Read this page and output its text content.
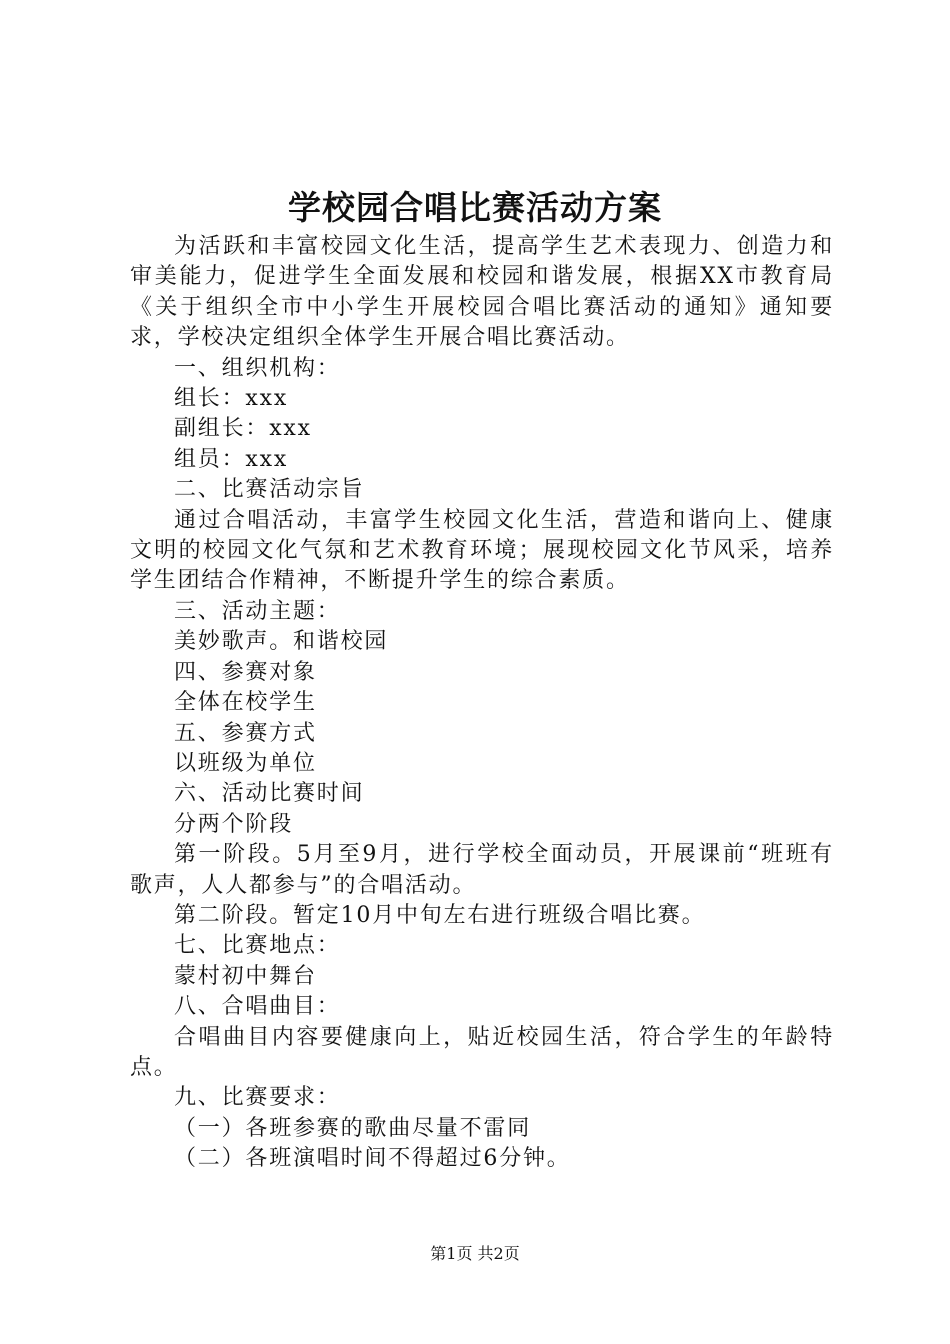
学校园合唱比赛活动方案

为活跃和丰富校园文化生活，提高学生艺术表现力、创造力和审美能力，促进学生全面发展和校园和谐发展，根据XX市教育局《关于组织全市中小学生开展校园合唱比赛活动的通知》通知要求，学校决定组织全体学生开展合唱比赛活动。

一、组织机构：

组长：xxx

副组长：xxx

组员：xxx

二、比赛活动宗旨

通过合唱活动，丰富学生校园文化生活，营造和谐向上、健康文明的校园文化气氛和艺术教育环境；展现校园文化节风采，培养学生团结合作精神，不断提升学生的综合素质。

三、活动主题：

美妙歌声。和谐校园

四、参赛对象

全体在校学生

五、参赛方式

以班级为单位

六、活动比赛时间

分两个阶段

第一阶段。5月至9月，进行学校全面动员，开展课前“班班有歌声，人人都参与”的合唱活动。

第二阶段。暂定10月中旬左右进行班级合唱比赛。

七、比赛地点：

蒙村初中舞台

八、合唱曲目：

合唱曲目内容要健康向上，贴近校园生活，符合学生的年龄特点。

九、比赛要求：

（一）各班参赛的歌曲尽量不雷同

（二）各班演唱时间不得超过6分钟。

第1页 共2页
